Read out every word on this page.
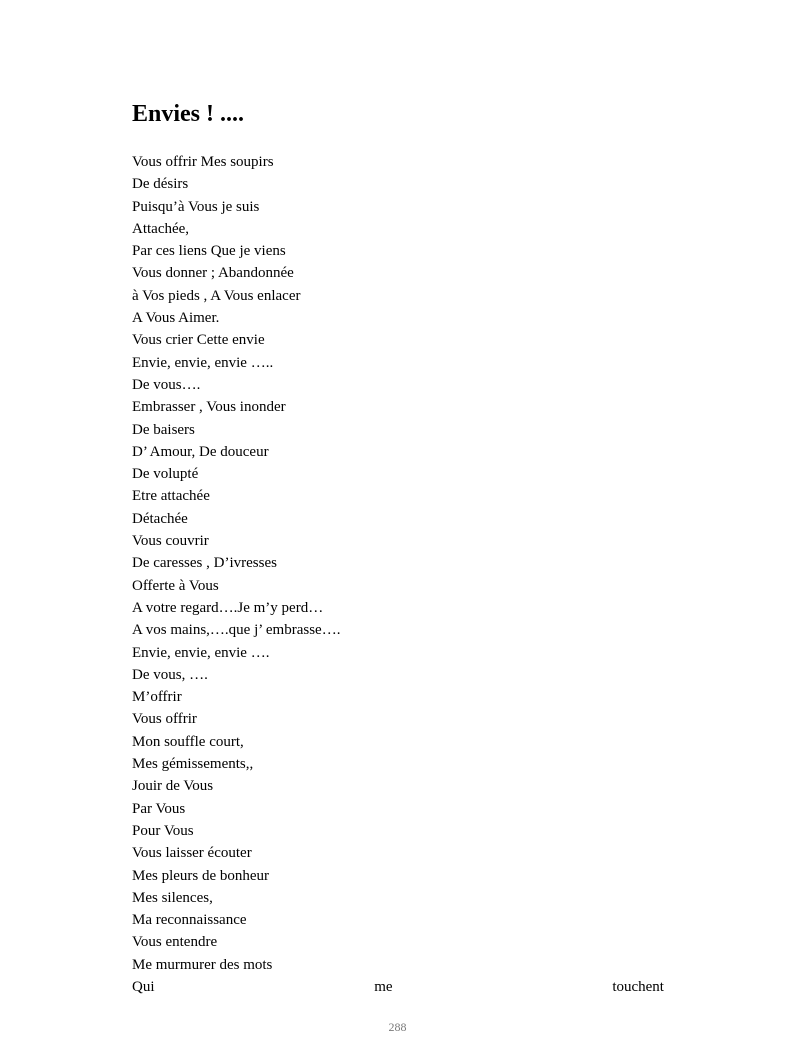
Envies ! ....
Vous offrir Mes soupirs
De désirs
Puisqu’à Vous je suis
Attachée,
Par ces liens Que je viens
Vous donner ; Abandonnée
à Vos pieds , A Vous enlacer
A Vous Aimer.
Vous crier Cette envie
Envie, envie, envie …..
De vous….
Embrasser , Vous inonder
De baisers
D’ Amour, De douceur
De volupté
Etre attachée
Détachée
Vous couvrir
De caresses , D’ivresses
Offerte à Vous
A votre regard….Je m’y perd…
A vos mains,….que j’ embrasse….
Envie, envie, envie ….
De vous, ….
M’offrir
Vous offrir
Mon souffle court,
Mes gémissements,,
Jouir de Vous
Par Vous
Pour Vous
Vous laisser écouter
Mes pleurs de bonheur
Mes silences,
Ma reconnaissance
Vous entendre
Me murmurer des mots
Qui	me	touchent
288
